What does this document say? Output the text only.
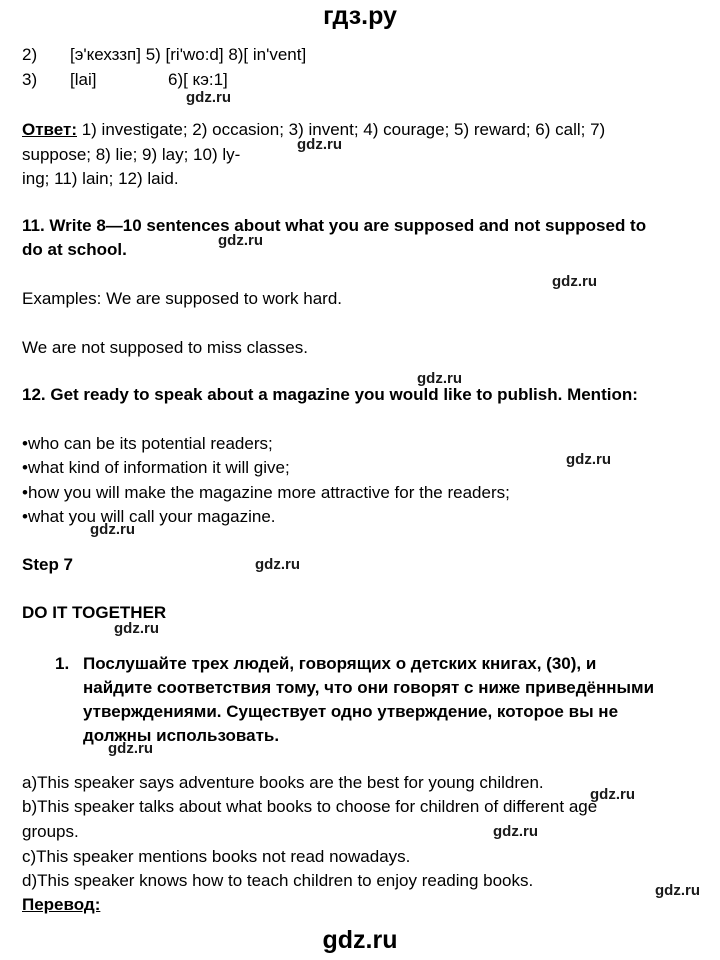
гдз.ру
2) [э'кехззп] 5) [ri'wo:d] 8)[ in'vent]
3) [lai]	6)[ кэ:1]
gdz.ru
Ответ: 1) investigate; 2) occasion; 3) invent; 4) courage; 5) reward; 6) call; 7)
suppose; 8) lie; 9) lay; 10) ly-
gdz.ru
ing; 11) lain; 12) laid.
11. Write 8—10 sentences about what you are supposed and not supposed to
gdz.ru
do at school.
gdz.ru
Examples: We are supposed to work hard.
We are not supposed to miss classes.
gdz.ru
12. Get ready to speak about a magazine you would like to publish. Mention:
•who can be its potential readers;
•what kind of information it will give;	gdz.ru
•how you will make the magazine more attractive for the readers;
•what you will call your magazine.
gdz.ru
Step 7	gdz.ru
DO IT TOGETHER
gdz.ru
1. Послушайте трех людей, говорящих о детских книгах, (30), и
найдите соответствия тому, что они говорят с ниже приведёнными
утверждениями. Существует одно утверждение, которое вы не
должны использовать.
gdz.ru
a)This speaker says adventure books are the best for young children.
gdz.ru
b)This speaker talks about what books to choose for children of different age
groups.	gdz.ru
c)This speaker mentions books not read nowadays.
d)This speaker knows how to teach children to enjoy reading books.
gdz.ru
Перевод:
gdz.ru
